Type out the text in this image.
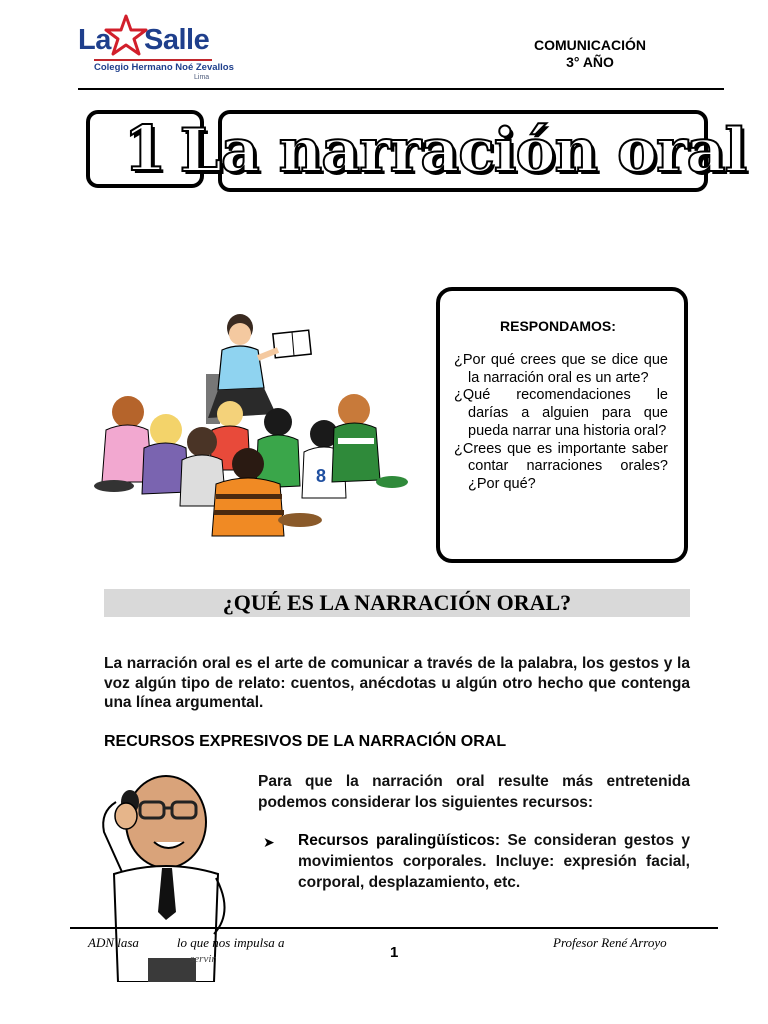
La Salle
Colegio Hermano Noé Zevallos
Lima
COMUNICACIÓN
3° AÑO
1 La narración oral
8
RESPONDAMOS:

¿Por qué crees que se dice que la narración oral es un arte?

¿Qué recomendaciones le darías a alguien para que pueda narrar una historia oral?

¿Crees que es importante saber contar narraciones orales? ¿Por qué?

¿QUÉ ES LA NARRACIÓN ORAL?
La narración oral es el arte de comunicar a través de la palabra, los gestos y la voz algún tipo de relato: cuentos, anécdotas u algún otro hecho que contenga una línea argumental.
RECURSOS EXPRESIVOS DE LA NARRACIÓN ORAL
Para que la narración oral resulte más entretenida podemos considerar los siguientes recursos:
➤ Recursos paralingüísticos: Se consideran gestos y movimientos corporales. Incluye: expresión facial, corporal, desplazamiento, etc.
ADN lasa	lo que nos impulsa a
servir	1
Profesor René Arroyo
